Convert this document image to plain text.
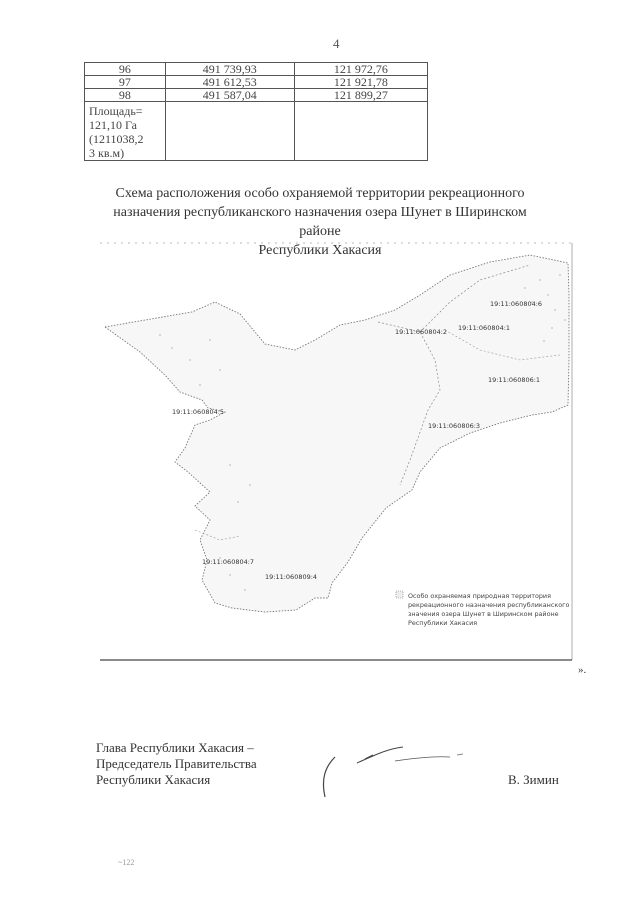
4
96	491 739,93	121 972,76
97	491 612,53	121 921,78
98	491 587,04	121 899,27

Площадь=
121,10 Га
(1211038,2
3 кв.м)		

Схема расположения особо охраняемой территории рекреационного
назначения республиканского назначения озера Шунет в Ширинском районе
Республики Хакасия
19:11:060804:6
19:11:060804:2 19:11:060804:1
19:11:060806:1
19:11:060804:5
19:11:060806:3
19:11:060804:7
19:11:060809:4
Особо охраняемая природная территория
рекреационного назначения республиканского
значения озера Шунет в Ширинском районе
Республики Хакасия
».
Глава Республики Хакасия –
Председатель Правительства
Республики Хакасия	В. Зимин
~122
